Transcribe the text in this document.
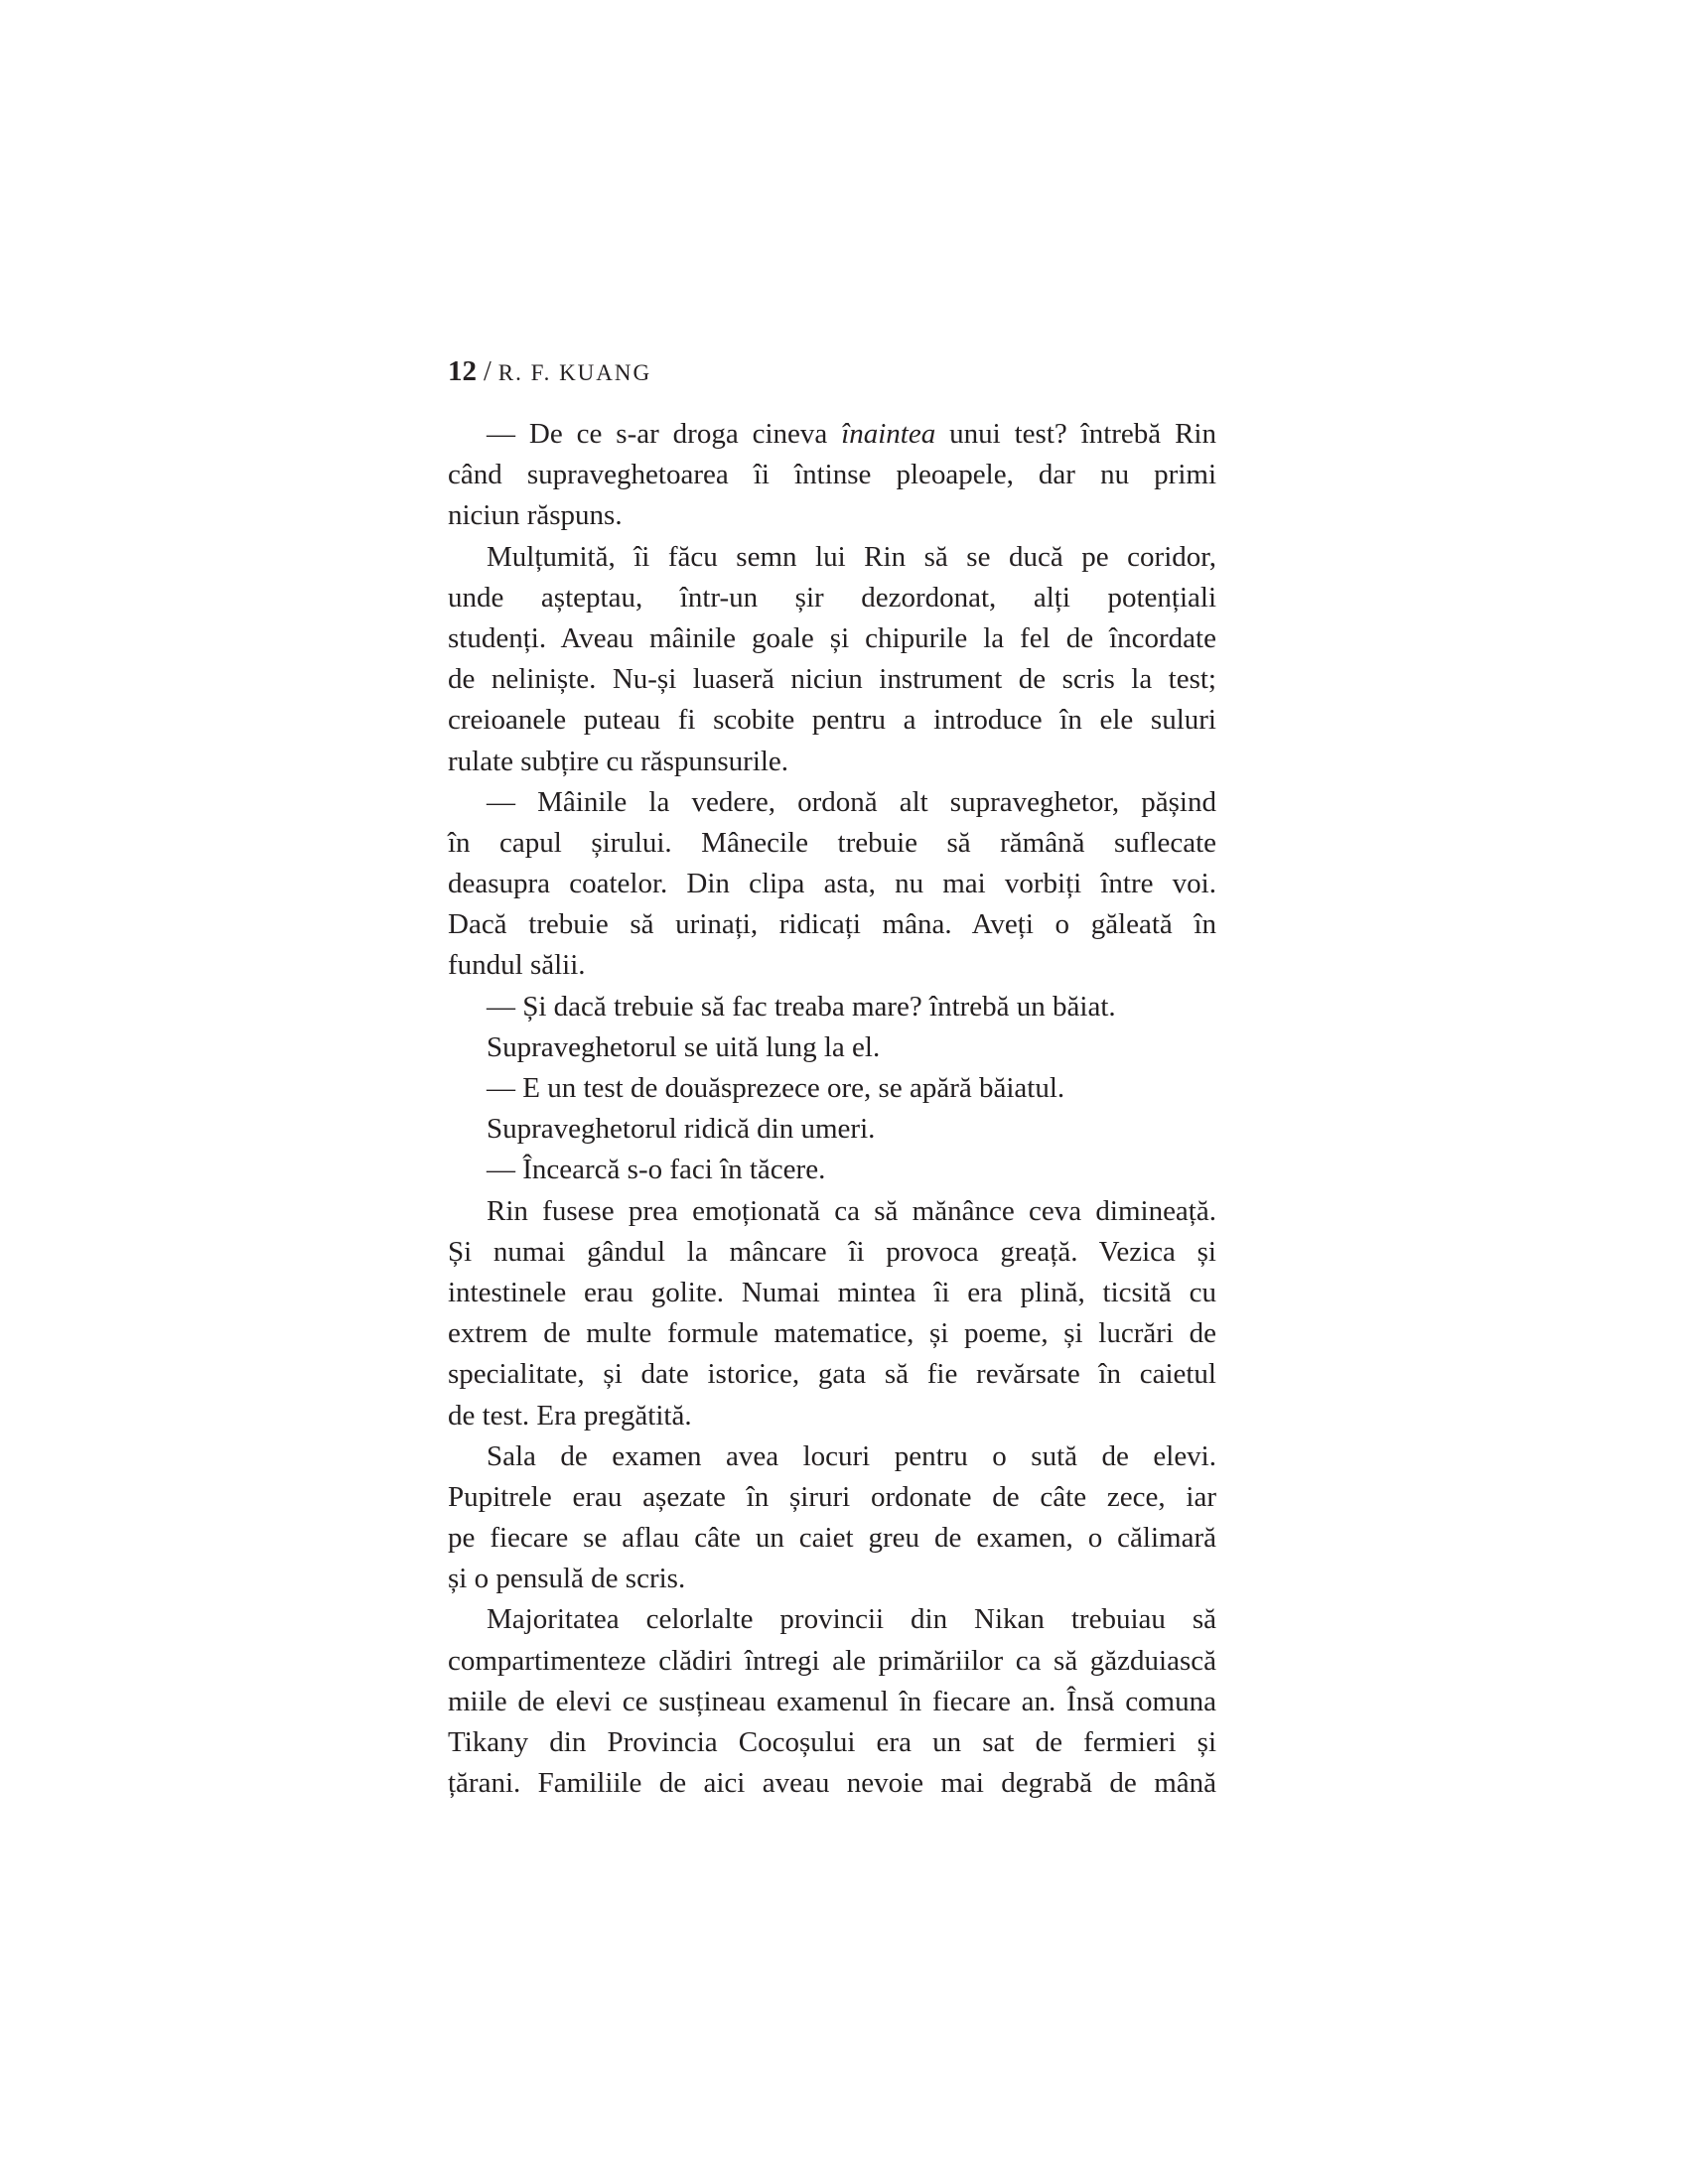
12 / R. F. KUANG
— De ce s-ar droga cineva înaintea unui test? întrebă Rin
când supraveghetoarea îi întinse pleoapele, dar nu primi
niciun răspuns.
Mulțumită, îi făcu semn lui Rin să se ducă pe coridor,
unde așteptau, într-un șir dezordonat, alți potențiali
studenți. Aveau mâinile goale și chipurile la fel de încordate
de neliniște. Nu-și luaseră niciun instrument de scris la test;
creioanele puteau fi scobite pentru a introduce în ele suluri
rulate subțire cu răspunsurile.
— Mâinile la vedere, ordonă alt supraveghetor, pășind
în capul șirului. Mânecile trebuie să rămână suflecate
deasupra coatelor. Din clipa asta, nu mai vorbiți între voi.
Dacă trebuie să urinați, ridicați mâna. Aveți o găleată în
fundul sălii.
— Și dacă trebuie să fac treaba mare? întrebă un băiat.
Supraveghetorul se uită lung la el.
— E un test de douăsprezece ore, se apără băiatul.
Supraveghetorul ridică din umeri.
— Încearcă s-o faci în tăcere.
Rin fusese prea emoționată ca să mănânce ceva dimineață.
Și numai gândul la mâncare îi provoca greață. Vezica și
intestinele erau golite. Numai mintea îi era plină, ticsită cu
extrem de multe formule matematice, și poeme, și lucrări de
specialitate, și date istorice, gata să fie revărsate în caietul
de test. Era pregătită.
Sala de examen avea locuri pentru o sută de elevi.
Pupitrele erau așezate în șiruri ordonate de câte zece, iar
pe fiecare se aflau câte un caiet greu de examen, o călimară
și o pensulă de scris.
Majoritatea celorlalte provincii din Nikan trebuiau să
compartimenteze clădiri întregi ale primăriilor ca să găzduiască
miile de elevi ce susțineau examenul în fiecare an. Însă comuna
Tikany din Provincia Cocoșului era un sat de fermieri și
țărani. Familiile de aici aveau nevoie mai degrabă de mână
